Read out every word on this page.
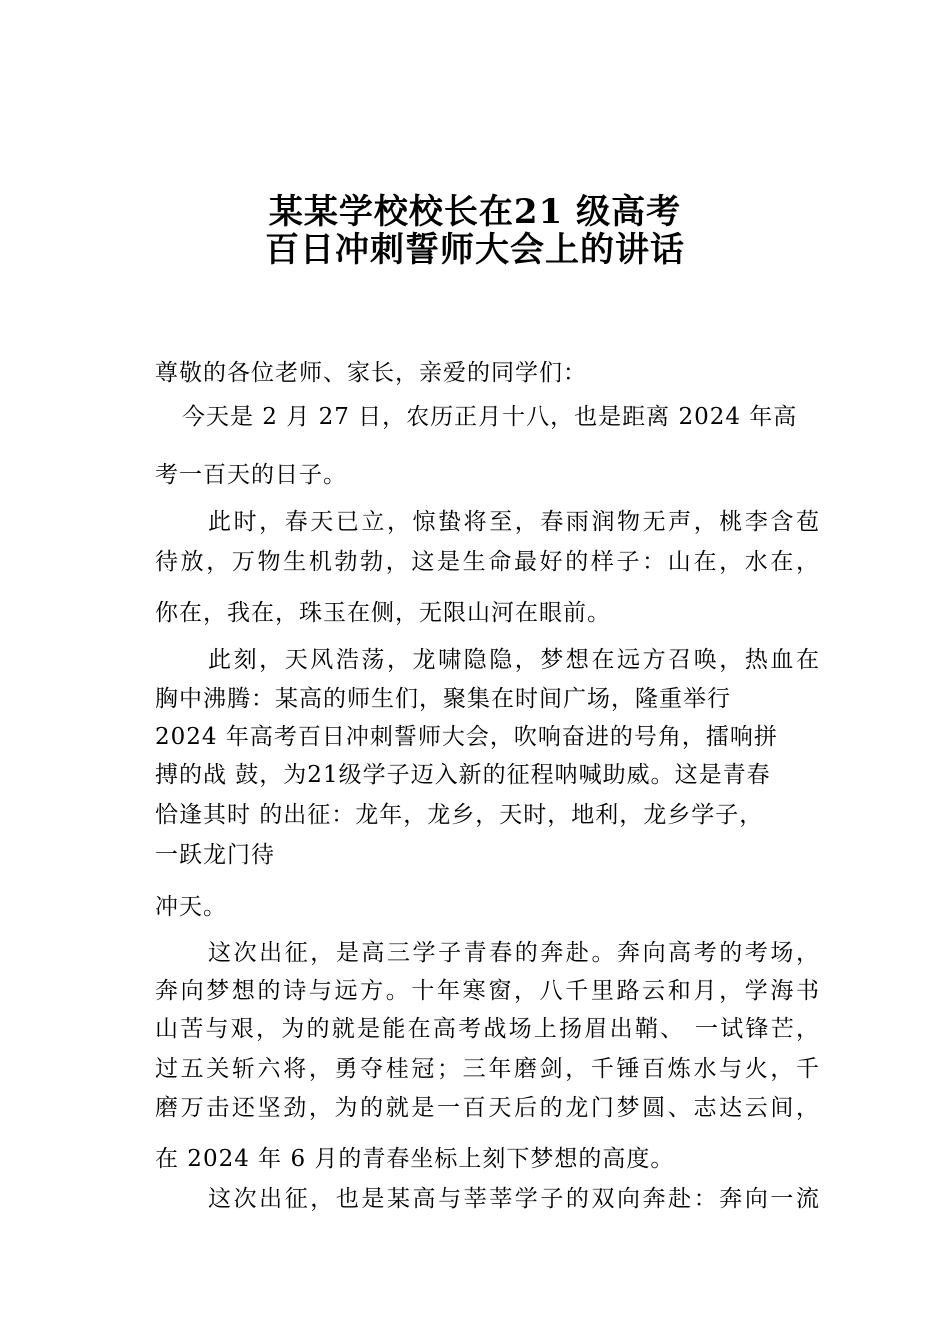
某某学校校长在21 级高考
百日冲刺誓师大会上的讲话
尊敬的各位老师、家长，亲爱的同学们：
今天是 2 月 27 日，农历正月十八，也是距离 2024 年高
考一百天的日子。
此时，春天已立，惊蛰将至，春雨润物无声，桃李含苞
待放，万物生机勃勃，这是生命最好的样子：山在，水在，
你在，我在，珠玉在侧，无限山河在眼前。
此刻，天风浩荡，龙啸隐隐，梦想在远方召唤，热血在
胸中沸腾：某高的师生们，聚集在时间广场，隆重举行
2024 年高考百日冲刺誓师大会，吹响奋进的号角，擂响拼
搏的战 鼓，为21级学子迈入新的征程呐喊助威。这是青春
恰逢其时 的出征：龙年，龙乡，天时，地利，龙乡学子，
一跃龙门待
冲天。
这次出征，是高三学子青春的奔赴。奔向高考的考场，
奔向梦想的诗与远方。十年寒窗，八千里路云和月，学海书
山苦与艰，为的就是能在高考战场上扬眉出鞘、 一试锋芒，
过五关斩六将，勇夺桂冠；三年磨剑，千锤百炼水与火，千
磨万击还坚劲，为的就是一百天后的龙门梦圆、志达云间，
在 2024 年 6 月的青春坐标上刻下梦想的高度。
这次出征，也是某高与莘莘学子的双向奔赴：奔向一流
